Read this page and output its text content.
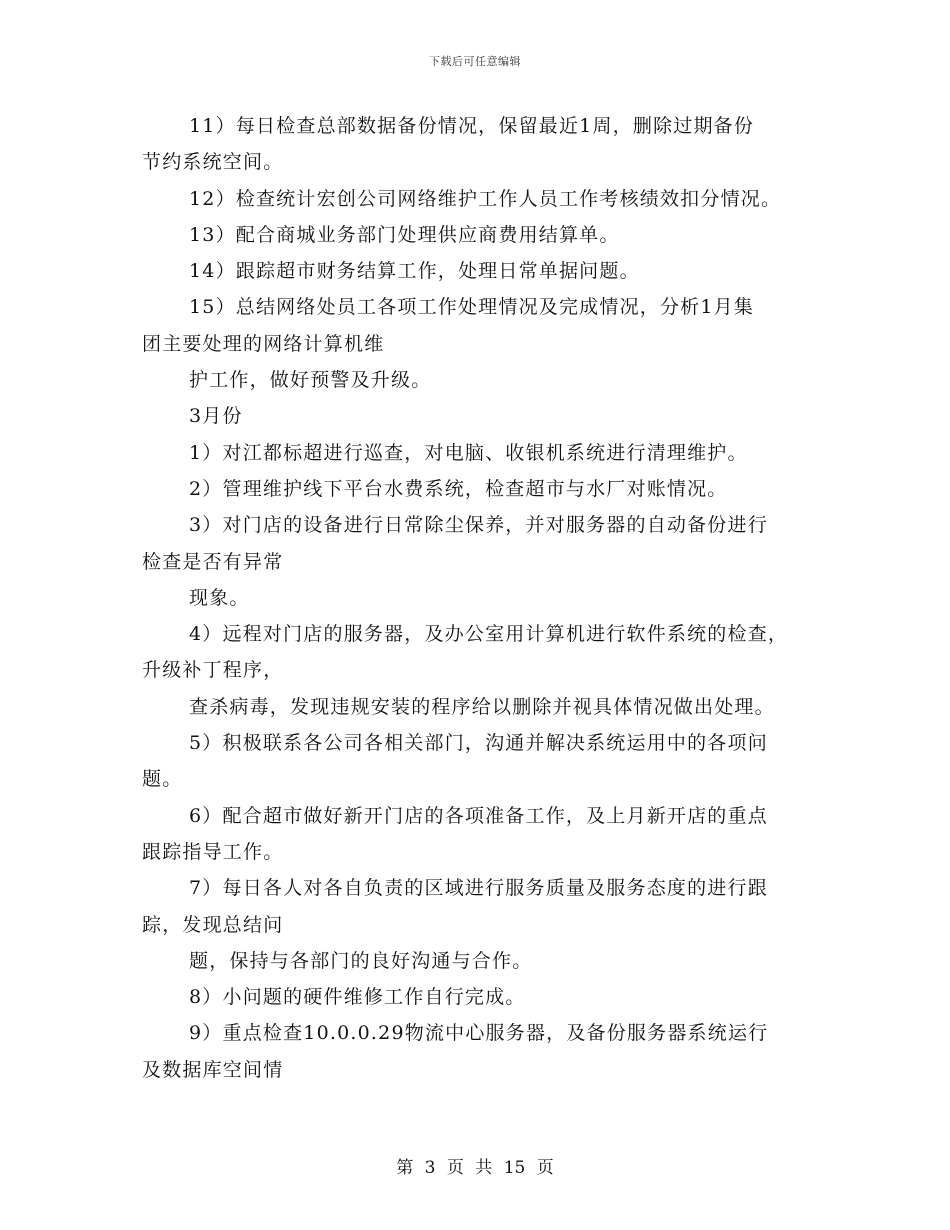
下载后可任意编辑
11）每日检查总部数据备份情况，保留最近1周，删除过期备份
节约系统空间。
12）检查统计宏创公司网络维护工作人员工作考核绩效扣分情况。
13）配合商城业务部门处理供应商费用结算单。
14）跟踪超市财务结算工作，处理日常单据问题。
15）总结网络处员工各项工作处理情况及完成情况，分析1月集
团主要处理的网络计算机维
护工作，做好预警及升级。
3月份
1）对江都标超进行巡查，对电脑、收银机系统进行清理维护。
2）管理维护线下平台水费系统，检查超市与水厂对账情况。
3）对门店的设备进行日常除尘保养，并对服务器的自动备份进行
检查是否有异常
现象。
4）远程对门店的服务器，及办公室用计算机进行软件系统的检查，
升级补丁程序，
查杀病毒，发现违规安装的程序给以删除并视具体情况做出处理。
5）积极联系各公司各相关部门，沟通并解决系统运用中的各项问
题。
6）配合超市做好新开门店的各项准备工作，及上月新开店的重点
跟踪指导工作。
7）每日各人对各自负责的区域进行服务质量及服务态度的进行跟
踪，发现总结问
题，保持与各部门的良好沟通与合作。
8）小问题的硬件维修工作自行完成。
9）重点检查10.0.0.29物流中心服务器，及备份服务器系统运行
及数据库空间情
第 3 页 共 15 页
